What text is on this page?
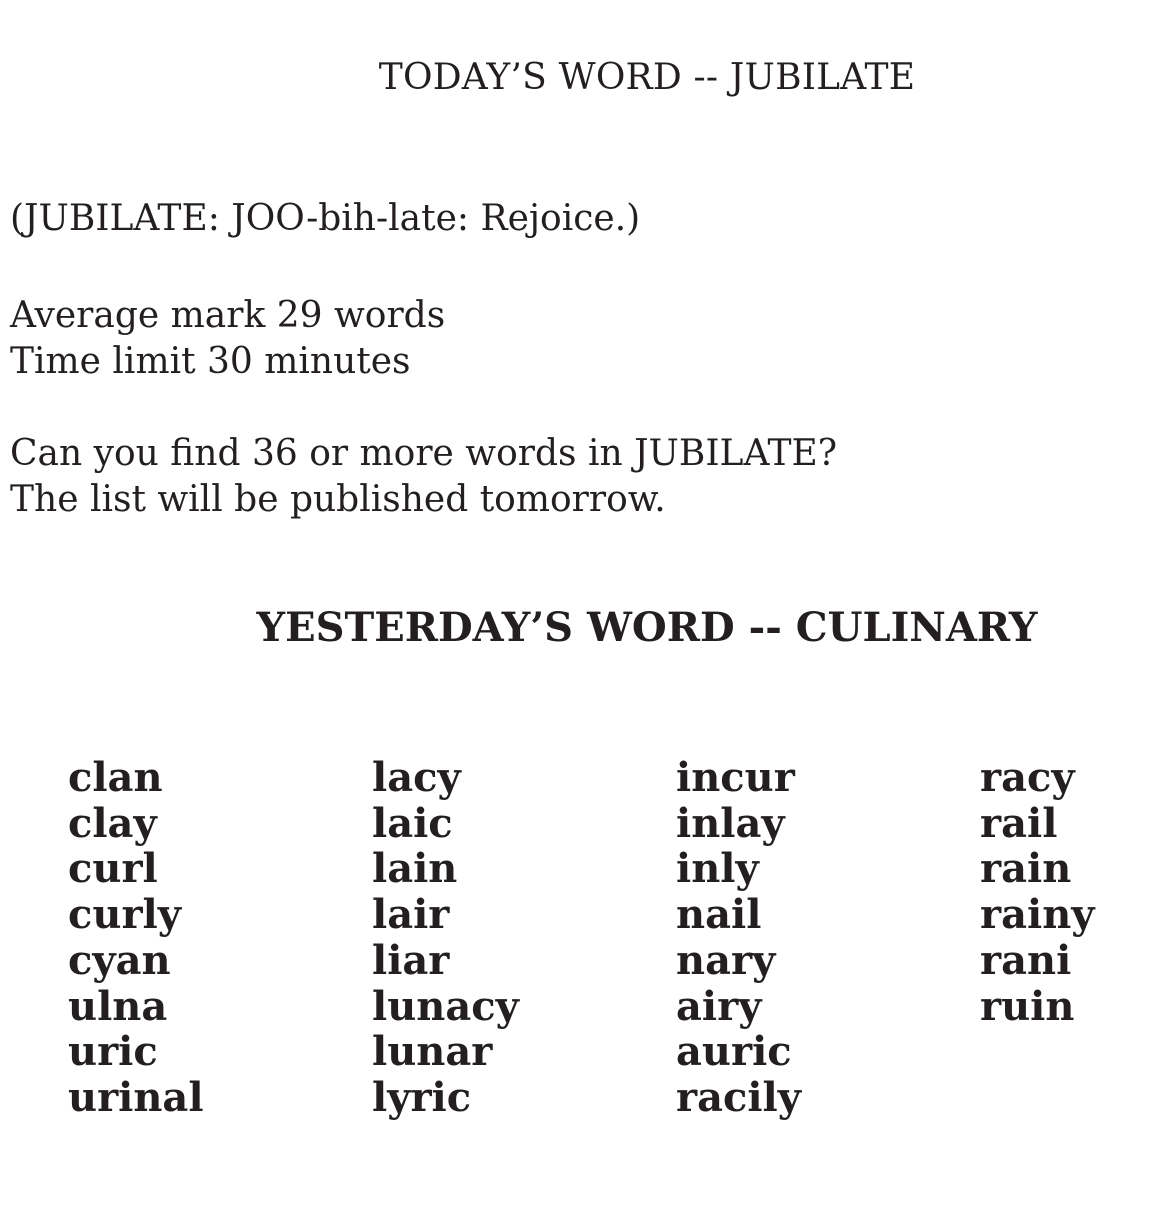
TODAY’S WORD -- JUBILATE
(JUBILATE: JOO-bih-late: Rejoice.)
Average mark 29 words
Time limit 30 minutes
Can you find 36 or more words in JUBILATE?
The list will be published tomorrow.
YESTERDAY’S WORD -- CULINARY
clan
clay
curl
curly
cyan
ulna
uric
urinal
lacy
laic
lain
lair
liar
lunacy
lunar
lyric
incur
inlay
inly
nail
nary
airy
auric
racily
racy
rail
rain
rainy
rani
ruin
